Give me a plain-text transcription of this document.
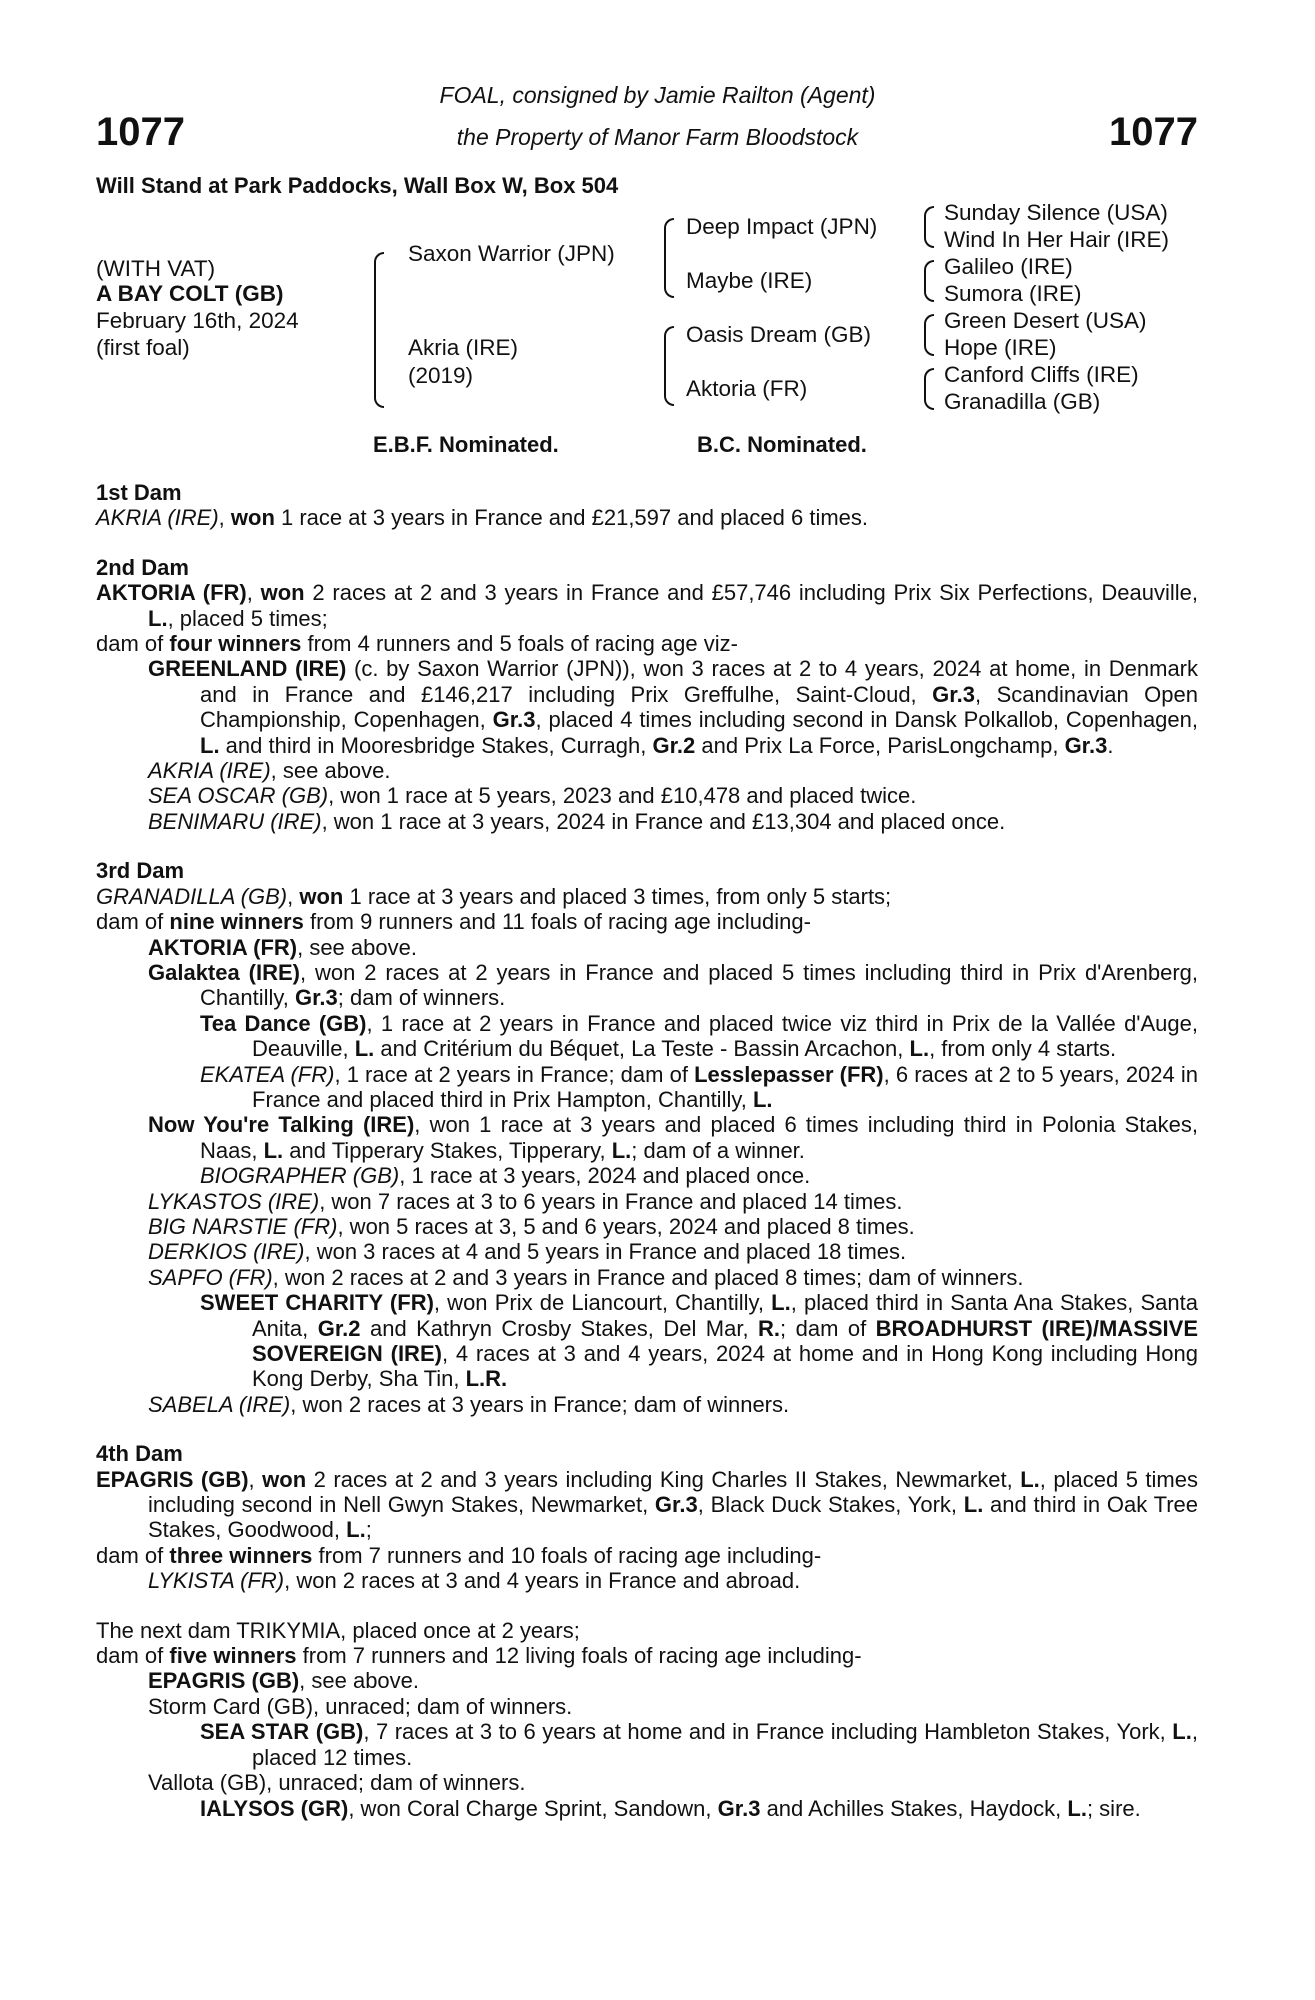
1077	1077
FOAL, consigned by Jamie Railton (Agent)
the Property of Manor Farm Bloodstock
Will Stand at Park Paddocks, Wall Box W, Box 504
(WITH VAT)
A BAY COLT (GB)
February 16th, 2024
(first foal)
Saxon Warrior (JPN)
Akria (IRE)
(2019)
Deep Impact (JPN)
Maybe (IRE)
Oasis Dream (GB)
Aktoria (FR)
Sunday Silence (USA)
Wind In Her Hair (IRE)
Galileo (IRE)
Sumora (IRE)
Green Desert (USA)
Hope (IRE)
Canford Cliffs (IRE)
Granadilla (GB)
E.B.F. Nominated.	B.C. Nominated.
1st Dam
AKRIA (IRE), won 1 race at 3 years in France and £21,597 and placed 6 times.
2nd Dam
AKTORIA (FR), won 2 races at 2 and 3 years in France and £57,746 including Prix Six Perfections, Deauville, L., placed 5 times;
dam of four winners from 4 runners and 5 foals of racing age viz-
GREENLAND (IRE) (c. by Saxon Warrior (JPN)), won 3 races at 2 to 4 years, 2024 at home, in Denmark and in France and £146,217 including Prix Greffulhe, Saint-Cloud, Gr.3, Scandinavian Open Championship, Copenhagen, Gr.3, placed 4 times including second in Dansk Polkallob, Copenhagen, L. and third in Mooresbridge Stakes, Curragh, Gr.2 and Prix La Force, ParisLongchamp, Gr.3.
AKRIA (IRE), see above.
SEA OSCAR (GB), won 1 race at 5 years, 2023 and £10,478 and placed twice.
BENIMARU (IRE), won 1 race at 3 years, 2024 in France and £13,304 and placed once.
3rd Dam
GRANADILLA (GB), won 1 race at 3 years and placed 3 times, from only 5 starts;
dam of nine winners from 9 runners and 11 foals of racing age including-
AKTORIA (FR), see above.
Galaktea (IRE), won 2 races at 2 years in France and placed 5 times including third in Prix d'Arenberg, Chantilly, Gr.3; dam of winners.
Tea Dance (GB), 1 race at 2 years in France and placed twice viz third in Prix de la Vallée d'Auge, Deauville, L. and Critérium du Béquet, La Teste - Bassin Arcachon, L., from only 4 starts.
EKATEA (FR), 1 race at 2 years in France; dam of Lesslepasser (FR), 6 races at 2 to 5 years, 2024 in France and placed third in Prix Hampton, Chantilly, L.
Now You're Talking (IRE), won 1 race at 3 years and placed 6 times including third in Polonia Stakes, Naas, L. and Tipperary Stakes, Tipperary, L.; dam of a winner.
BIOGRAPHER (GB), 1 race at 3 years, 2024 and placed once.
LYKASTOS (IRE), won 7 races at 3 to 6 years in France and placed 14 times.
BIG NARSTIE (FR), won 5 races at 3, 5 and 6 years, 2024 and placed 8 times.
DERKIOS (IRE), won 3 races at 4 and 5 years in France and placed 18 times.
SAPFO (FR), won 2 races at 2 and 3 years in France and placed 8 times; dam of winners.
SWEET CHARITY (FR), won Prix de Liancourt, Chantilly, L., placed third in Santa Ana Stakes, Santa Anita, Gr.2 and Kathryn Crosby Stakes, Del Mar, R.; dam of BROADHURST (IRE)/MASSIVE SOVEREIGN (IRE), 4 races at 3 and 4 years, 2024 at home and in Hong Kong including Hong Kong Derby, Sha Tin, L.R.
SABELA (IRE), won 2 races at 3 years in France; dam of winners.
4th Dam
EPAGRIS (GB), won 2 races at 2 and 3 years including King Charles II Stakes, Newmarket, L., placed 5 times including second in Nell Gwyn Stakes, Newmarket, Gr.3, Black Duck Stakes, York, L. and third in Oak Tree Stakes, Goodwood, L.;
dam of three winners from 7 runners and 10 foals of racing age including-
LYKISTA (FR), won 2 races at 3 and 4 years in France and abroad.
The next dam TRIKYMIA, placed once at 2 years;
dam of five winners from 7 runners and 12 living foals of racing age including-
EPAGRIS (GB), see above.
Storm Card (GB), unraced; dam of winners.
SEA STAR (GB), 7 races at 3 to 6 years at home and in France including Hambleton Stakes, York, L., placed 12 times.
Vallota (GB), unraced; dam of winners.
IALYSOS (GR), won Coral Charge Sprint, Sandown, Gr.3 and Achilles Stakes, Haydock, L.; sire.
